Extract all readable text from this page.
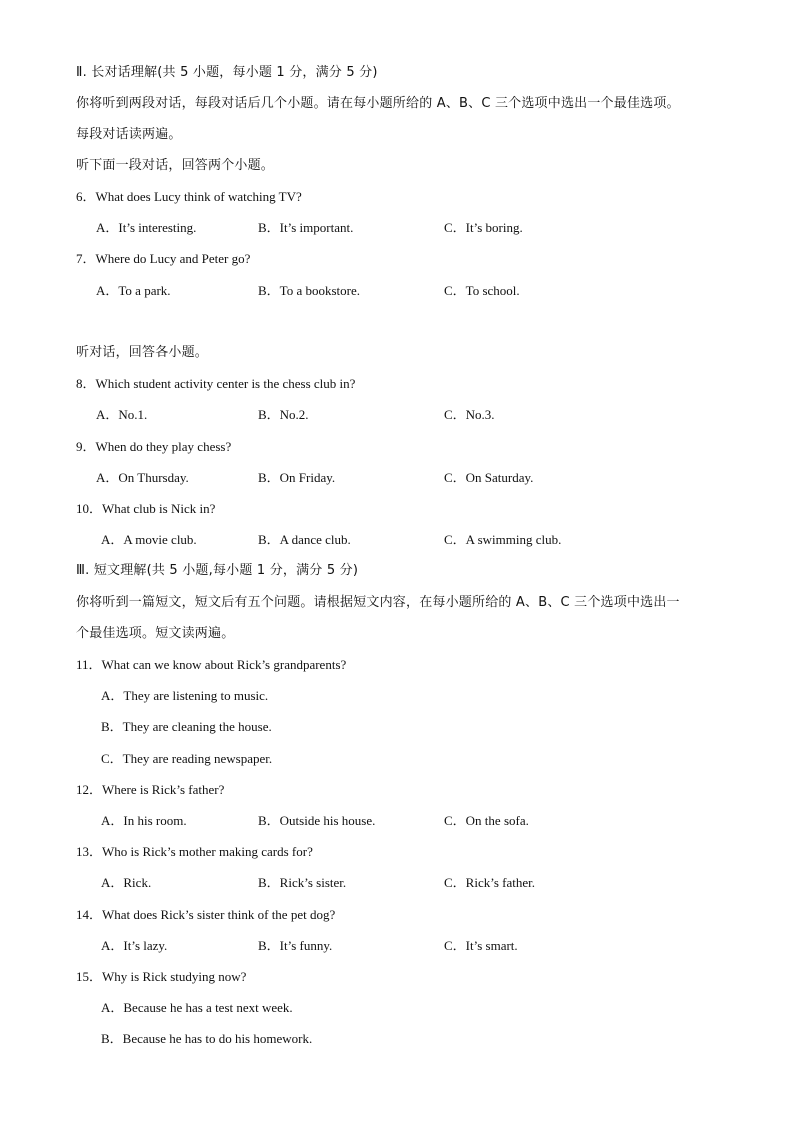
Ⅱ. 长对话理解(共 5 小题，每小题 1 分，满分 5 分)
你将听到两段对话，每段对话后几个小题。请在每小题所给的 A、B、C 三个选项中选出一个最佳选项。
每段对话读两遍。
听下面一段对话，回答两个小题。
6．What does Lucy think of watching TV?
A．It’s interesting.	B．It’s important.	C．It’s boring.
7．Where do Lucy and Peter go?
A．To a park.	B．To a bookstore.	C．To school.
听对话，回答各小题。
8．Which student activity center is the chess club in?
A．No.1.	B．No.2.	C．No.3.
9．When do they play chess?
A．On Thursday.	B．On Friday.	C．On Saturday.
10．What club is Nick in?
A．A movie club.	B．A dance club.	C．A swimming club.
Ⅲ. 短文理解(共 5 小题,每小题 1 分，满分 5 分)
你将听到一篇短文，短文后有五个问题。请根据短文内容，在每小题所给的 A、B、C 三个选项中选出一
个最佳选项。短文读两遍。
11．What can we know about Rick’s grandparents?
A．They are listening to music.
B．They are cleaning the house.
C．They are reading newspaper.
12．Where is Rick’s father?
A．In his room.	B．Outside his house.	C．On the sofa.
13．Who is Rick’s mother making cards for?
A．Rick.	B．Rick’s sister.	C．Rick’s father.
14．What does Rick’s sister think of the pet dog?
A．It’s lazy.	B．It’s funny.	C．It’s smart.
15．Why is Rick studying now?
A．Because he has a test next week.
B．Because he has to do his homework.
